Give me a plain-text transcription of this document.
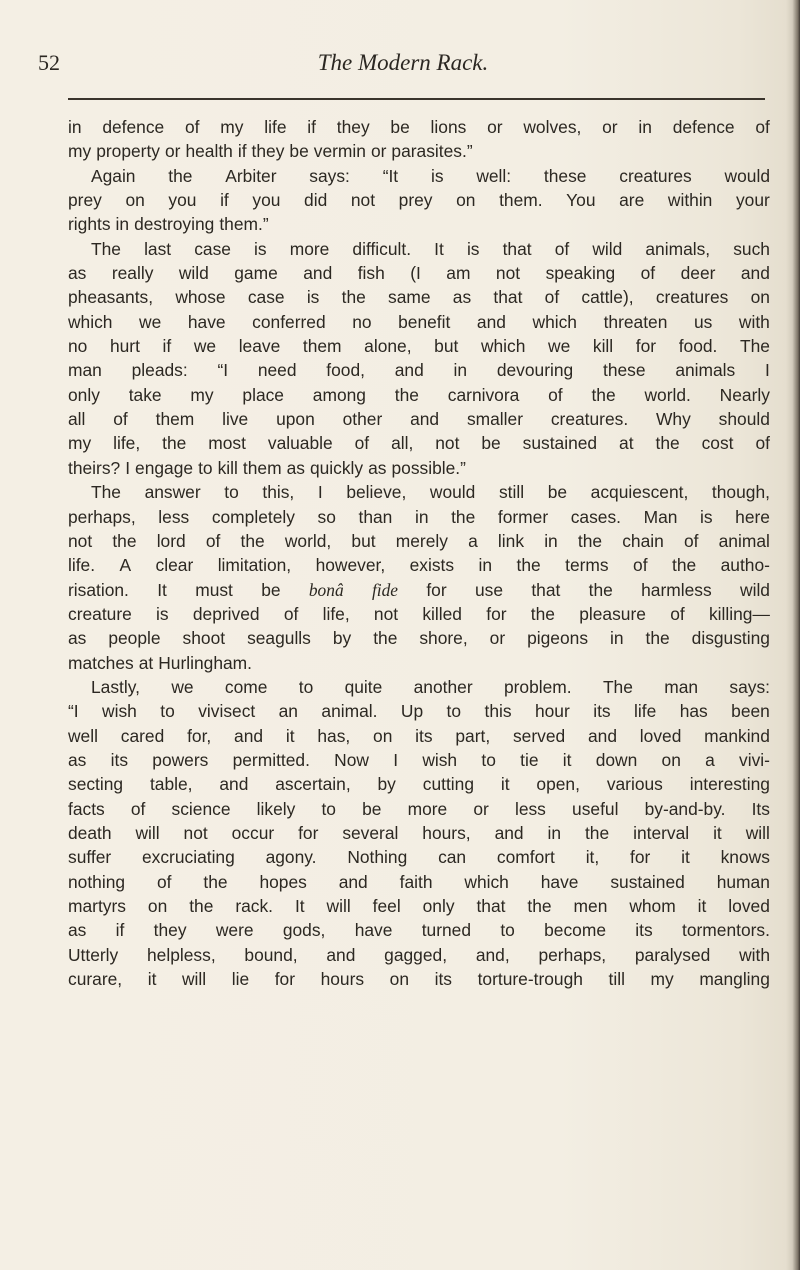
52	The Modern Rack.
in defence of my life if they be lions or wolves, or in defence of
my property or health if they be vermin or parasites.”
Again the Arbiter says: “It is well: these creatures would
prey on you if you did not prey on them. You are within your
rights in destroying them.”
The last case is more difficult. It is that of wild animals, such
as really wild game and fish (I am not speaking of deer and
pheasants, whose case is the same as that of cattle), creatures on
which we have conferred no benefit and which threaten us with
no hurt if we leave them alone, but which we kill for food. The
man pleads: “I need food, and in devouring these animals I
only take my place among the carnivora of the world. Nearly
all of them live upon other and smaller creatures. Why should
my life, the most valuable of all, not be sustained at the cost of
theirs? I engage to kill them as quickly as possible.”
The answer to this, I believe, would still be acquiescent, though,
perhaps, less completely so than in the former cases. Man is here
not the lord of the world, but merely a link in the chain of animal
life. A clear limitation, however, exists in the terms of the autho-
risation. It must be bonâ fide for use that the harmless wild
creature is deprived of life, not killed for the pleasure of killing—
as people shoot seagulls by the shore, or pigeons in the disgusting
matches at Hurlingham.
Lastly, we come to quite another problem. The man says:
“I wish to vivisect an animal. Up to this hour its life has been
well cared for, and it has, on its part, served and loved mankind
as its powers permitted. Now I wish to tie it down on a vivi-
secting table, and ascertain, by cutting it open, various interesting
facts of science likely to be more or less useful by-and-by. Its
death will not occur for several hours, and in the interval it will
suffer excruciating agony. Nothing can comfort it, for it knows
nothing of the hopes and faith which have sustained human
martyrs on the rack. It will feel only that the men whom it loved
as if they were gods, have turned to become its tormentors.
Utterly helpless, bound, and gagged, and, perhaps, paralysed with
curare, it will lie for hours on its torture-trough till my mangling
